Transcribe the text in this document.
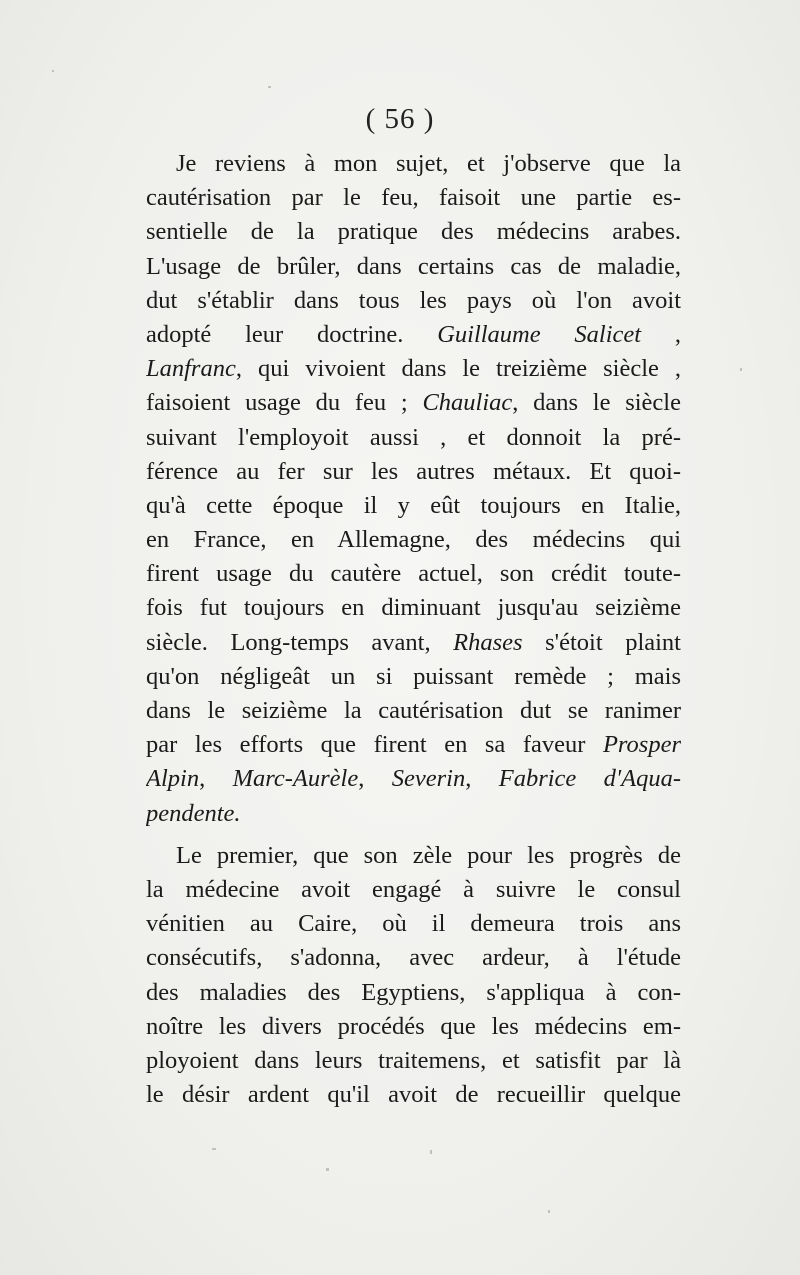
( 56 )
Je reviens à mon sujet, et j'observe que la
cautérisation par le feu, faisoit une partie es-
sentielle de la pratique des médecins arabes.
L'usage de brûler, dans certains cas de maladie,
dut s'établir dans tous les pays où l'on avoit
adopté leur doctrine. Guillaume Salicet ,
Lanfranc, qui vivoient dans le treizième siècle ,
faisoient usage du feu ; Chauliac, dans le siècle
suivant l'employoit aussi , et donnoit la pré-
férence au fer sur les autres métaux. Et quoi-
qu'à cette époque il y eût toujours en Italie,
en France, en Allemagne, des médecins qui
firent usage du cautère actuel, son crédit toute-
fois fut toujours en diminuant jusqu'au seizième
siècle. Long-temps avant, Rhases s'étoit plaint
qu'on négligeât un si puissant remède ; mais
dans le seizième la cautérisation dut se ranimer
par les efforts que firent en sa faveur Prosper
Alpin, Marc-Aurèle, Severin, Fabrice d'Aqua-
pendente.
Le premier, que son zèle pour les progrès de
la médecine avoit engagé à suivre le consul
vénitien au Caire, où il demeura trois ans
consécutifs, s'adonna, avec ardeur, à l'étude
des maladies des Egyptiens, s'appliqua à con-
noître les divers procédés que les médecins em-
ployoient dans leurs traitemens, et satisfit par là
le désir ardent qu'il avoit de recueillir quelque
